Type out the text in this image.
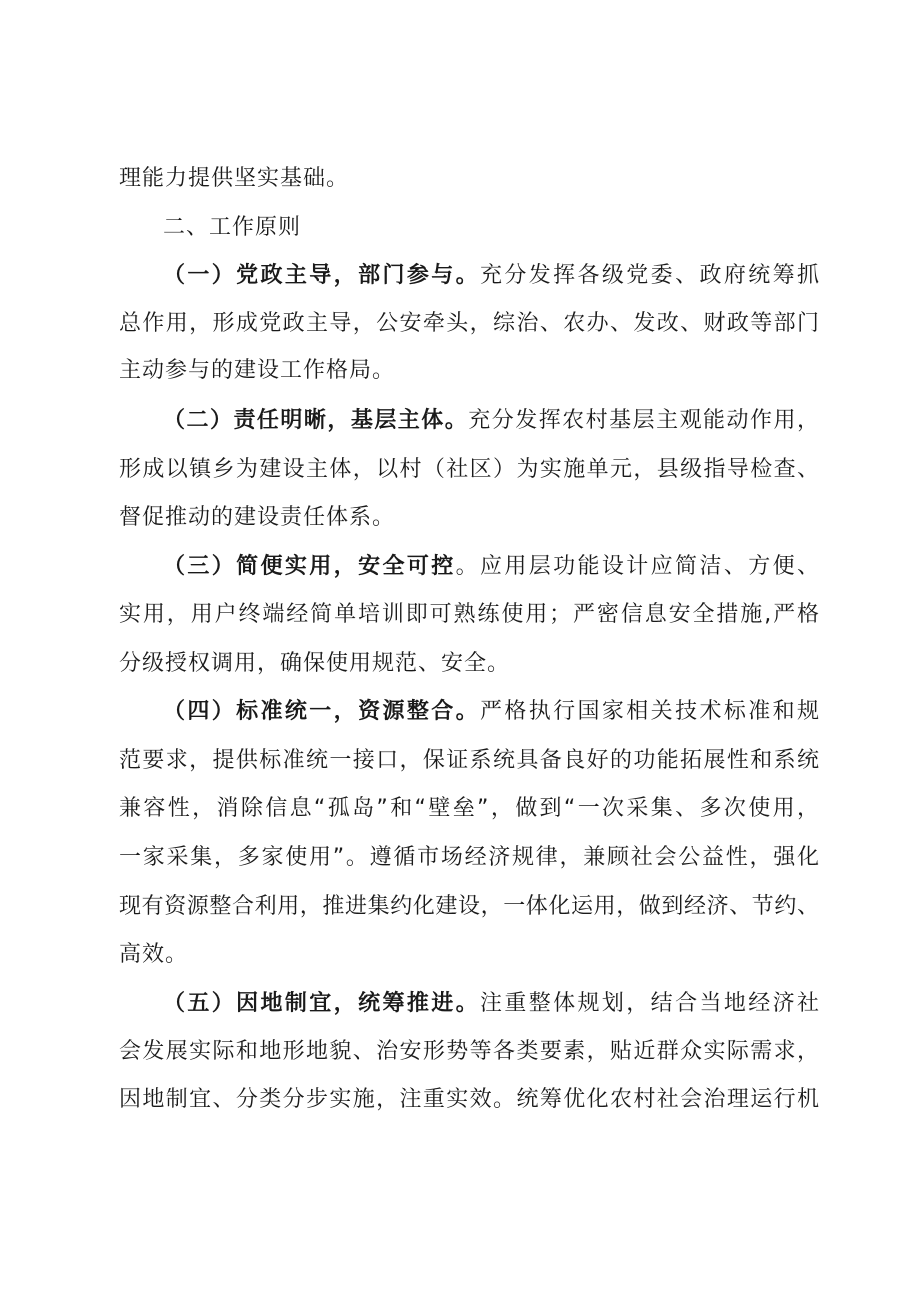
理能力提供坚实基础。
二、工作原则
（一）党政主导，部门参与。充分发挥各级党委、政府统筹抓
总作用，形成党政主导，公安牵头，综治、农办、发改、财政等部门
主动参与的建设工作格局。
（二）责任明晰，基层主体。充分发挥农村基层主观能动作用，
形成以镇乡为建设主体，以村（社区）为实施单元，县级指导检查、
督促推动的建设责任体系。
（三）简便实用，安全可控。应用层功能设计应简洁、方便、
实用，用户终端经简单培训即可熟练使用；严密信息安全措施,严格
分级授权调用，确保使用规范、安全。
（四）标准统一，资源整合。严格执行国家相关技术标准和规
范要求，提供标准统一接口，保证系统具备良好的功能拓展性和系统
兼容性，消除信息“孤岛”和“壁垒”，做到“一次采集、多次使用，
一家采集，多家使用”。遵循市场经济规律，兼顾社会公益性，强化
现有资源整合利用，推进集约化建设，一体化运用，做到经济、节约、
高效。
（五）因地制宜，统筹推进。注重整体规划，结合当地经济社
会发展实际和地形地貌、治安形势等各类要素，贴近群众实际需求，
因地制宜、分类分步实施，注重实效。统筹优化农村社会治理运行机
